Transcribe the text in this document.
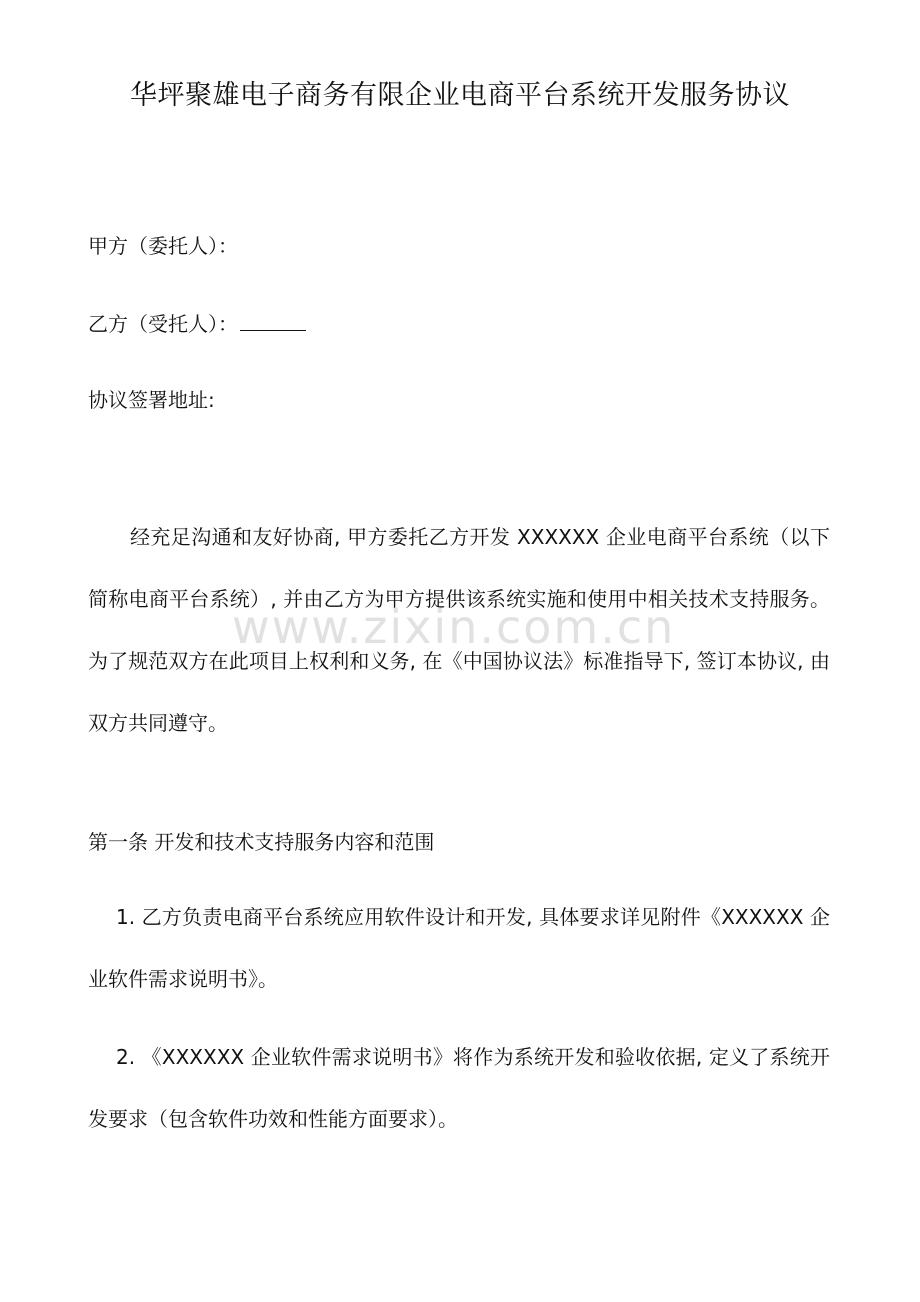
www.zixin.com.cn
华坪聚雄电子商务有限企业电商平台系统开发服务协议
甲方（委托人）：
乙方（受托人）：
协议签署地址:
经充足沟通和友好协商, 甲方委托乙方开发 XXXXXX 企业电商平台系统（以下简称电商平台系统）, 并由乙方为甲方提供该系统实施和使用中相关技术支持服务。为了规范双方在此项目上权利和义务, 在《中国协议法》标准指导下, 签订本协议, 由双方共同遵守。
第一条 开发和技术支持服务内容和范围
1. 乙方负责电商平台系统应用软件设计和开发, 具体要求详见附件《XXXXXX 企业软件需求说明书》。
2. 《XXXXXX 企业软件需求说明书》将作为系统开发和验收依据, 定义了系统开发要求（包含软件功效和性能方面要求）。
